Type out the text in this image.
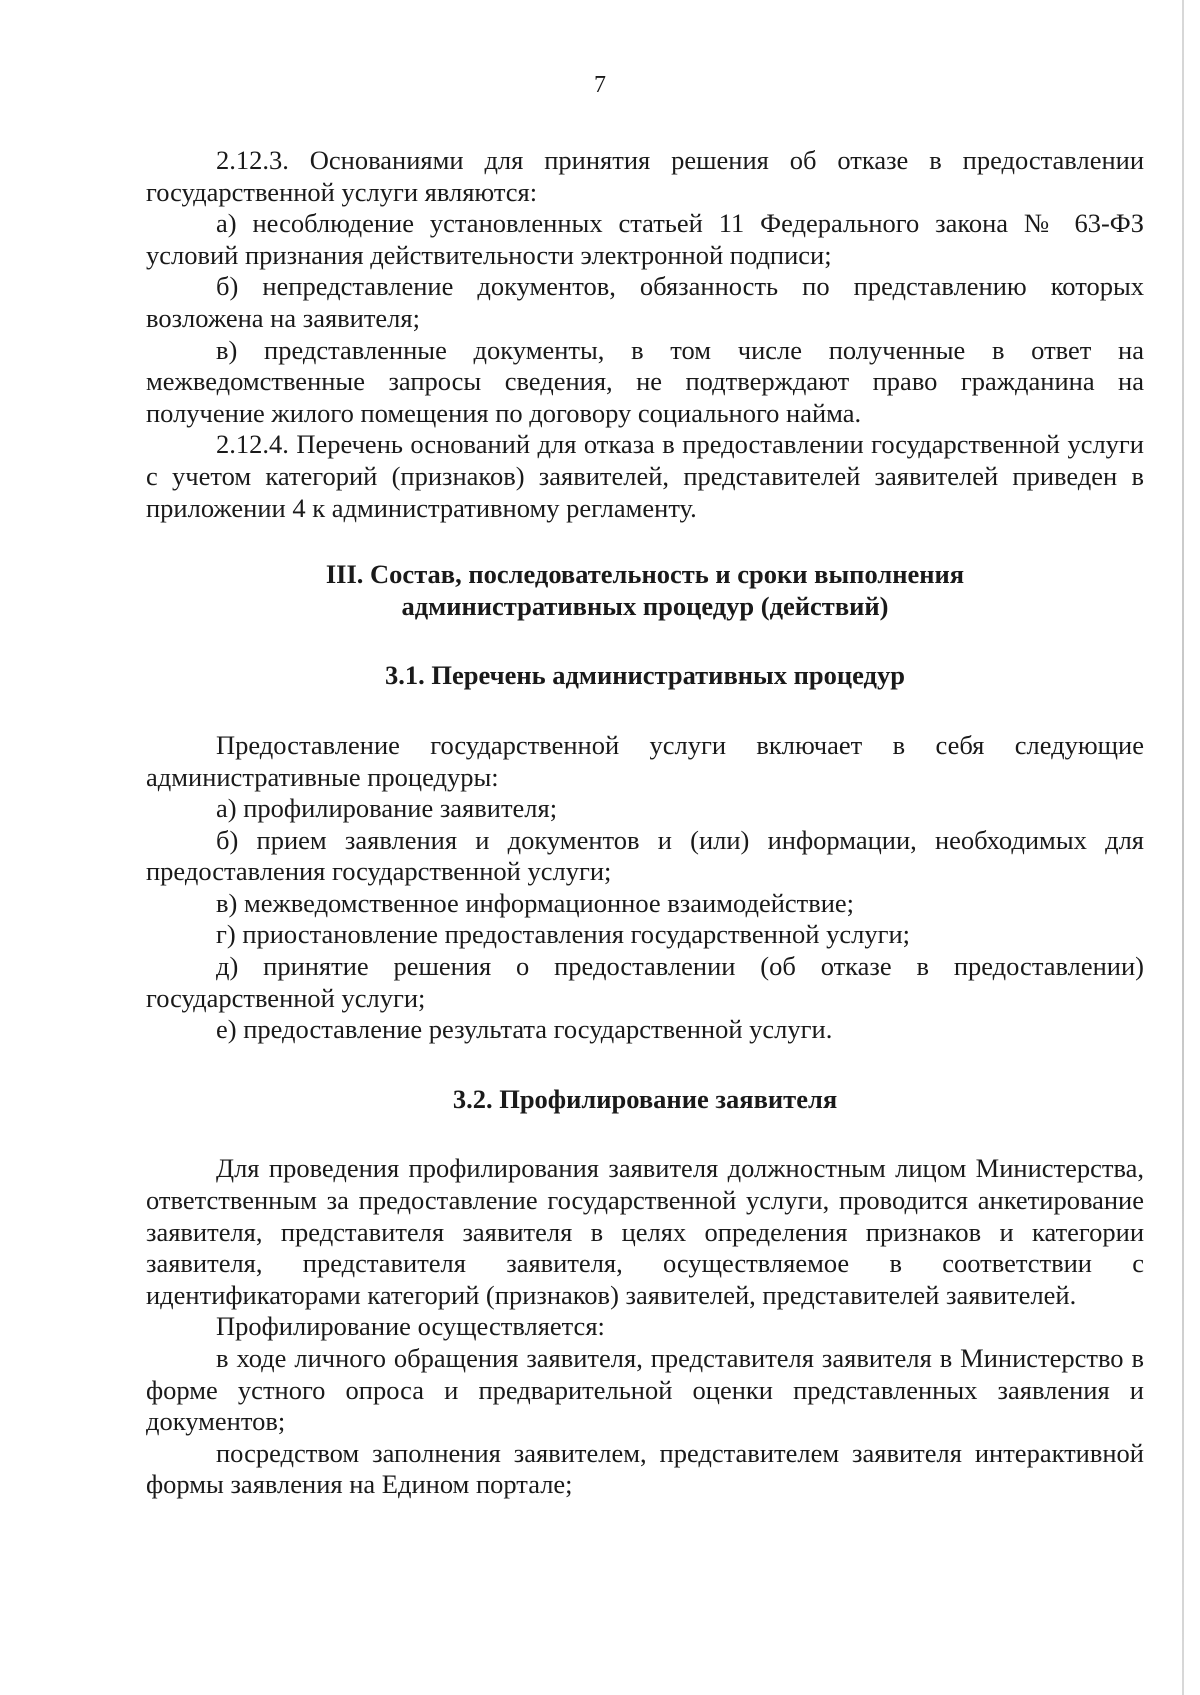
7

2.12.3. Основаниями для принятия решения об отказе в предоставлении государственной услуги являются:

а) несоблюдение установленных статьей 11 Федерального закона № 63-ФЗ условий признания действительности электронной подписи;

б) непредставление документов, обязанность по представлению которых возложена на заявителя;

в) представленные документы, в том числе полученные в ответ на межведомственные запросы сведения, не подтверждают право гражданина на получение жилого помещения по договору социального найма.

2.12.4. Перечень оснований для отказа в предоставлении государственной услуги с учетом категорий (признаков) заявителей, представителей заявителей приведен в приложении 4 к административному регламенту.

III. Состав, последовательность и сроки выполнения
административных процедур (действий)
3.1. Перечень административных процедур

Предоставление государственной услуги включает в себя следующие административные процедуры:

а) профилирование заявителя;

б) прием заявления и документов и (или) информации, необходимых для предоставления государственной услуги;

в) межведомственное информационное взаимодействие;

г) приостановление предоставления государственной услуги;

д) принятие решения о предоставлении (об отказе в предоставлении) государственной услуги;

е) предоставление результата государственной услуги.

3.2. Профилирование заявителя

Для проведения профилирования заявителя должностным лицом Министерства, ответственным за предоставление государственной услуги, проводится анкетирование заявителя, представителя заявителя в целях определения признаков и категории заявителя, представителя заявителя, осуществляемое в соответствии с идентификаторами категорий (признаков) заявителей, представителей заявителей.

Профилирование осуществляется:

в ходе личного обращения заявителя, представителя заявителя в Министерство в форме устного опроса и предварительной оценки представленных заявления и документов;

посредством заполнения заявителем, представителем заявителя интерактивной формы заявления на Едином портале;
